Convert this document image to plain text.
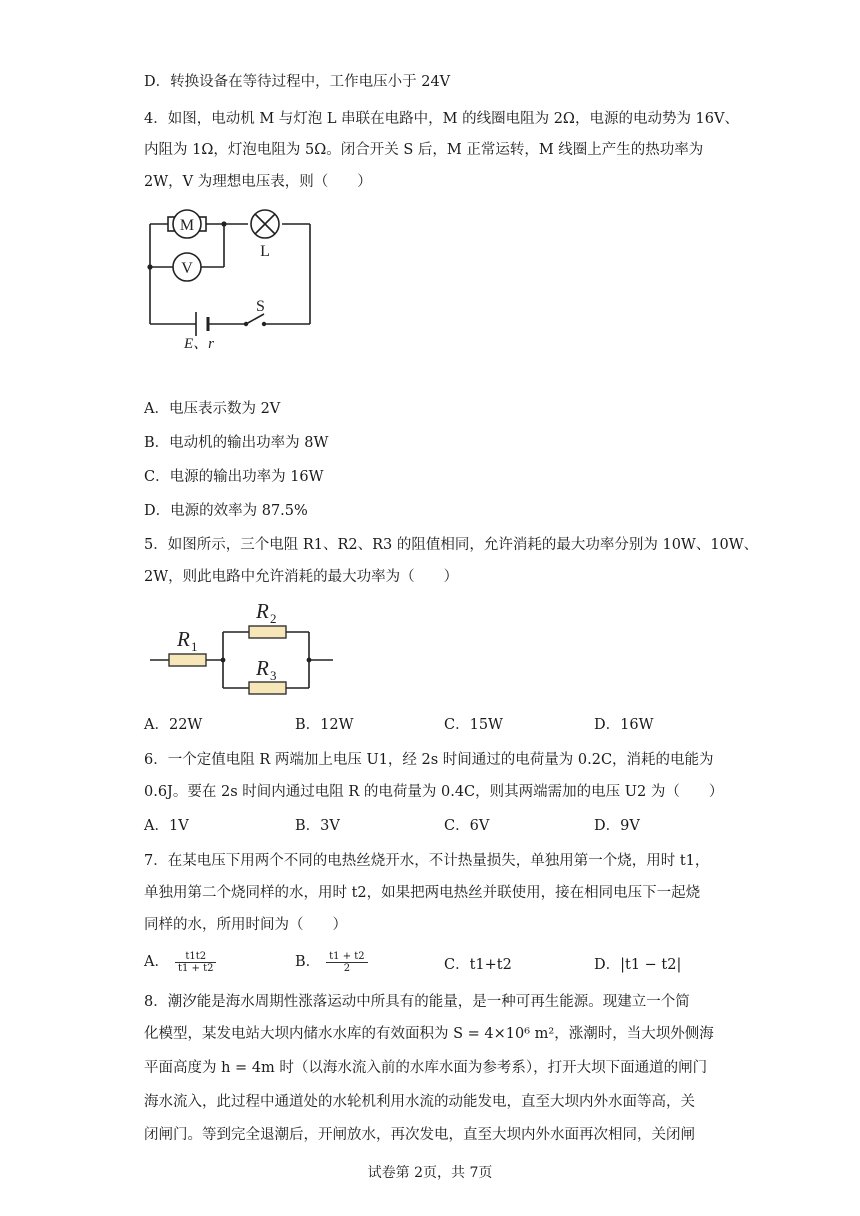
D．转换设备在等待过程中，工作电压小于 24V
4．如图，电动机 M 与灯泡 L 串联在电路中，M 的线圈电阻为 2Ω，电源的电动势为 16V、
内阻为 1Ω，灯泡电阻为 5Ω。闭合开关 S 后，M 正常运转，M 线圈上产生的热功率为
2W，V 为理想电压表，则（　　）
M
V
L
S
E、r
A．电压表示数为 2V
B．电动机的输出功率为 8W
C．电源的输出功率为 16W
D．电源的效率为 87.5%
5．如图所示，三个电阻 R1、R2、R3 的阻值相同，允许消耗的最大功率分别为 10W、10W、
2W，则此电路中允许消耗的最大功率为（　　）
R 1
R 2
R 3
A．22W	B．12W	C．15W	D．16W
6．一个定值电阻 R 两端加上电压 U1，经 2s 时间通过的电荷量为 0.2C，消耗的电能为
0.6J。要在 2s 时间内通过电阻 R 的电荷量为 0.4C，则其两端需加的电压 U2 为（　　）
A．1V	B．3V	C．6V	D．9V
7．在某电压下用两个不同的电热丝烧开水，不计热量损失，单独用第一个烧，用时 t1，
单独用第二个烧同样的水，用时 t2，如果把两电热丝并联使用，接在相同电压下一起烧
同样的水，所用时间为（　　）
A． $\frac{t1t2}{t1 + t2}$	B． $\frac{t1 + t2}{2}$	C．t1+t2	D．|t1 − t2|
8．潮汐能是海水周期性涨落运动中所具有的能量，是一种可再生能源。现建立一个简
化模型，某发电站大坝内储水水库的有效面积为 S = 4×10⁶ m²，涨潮时，当大坝外侧海
平面高度为 h = 4m 时（以海水流入前的水库水面为参考系），打开大坝下面通道的闸门
海水流入，此过程中通道处的水轮机利用水流的动能发电，直至大坝内外水面等高，关
闭闸门。等到完全退潮后，开闸放水，再次发电，直至大坝内外水面再次相同，关闭闸
试卷第 2页，共 7页
